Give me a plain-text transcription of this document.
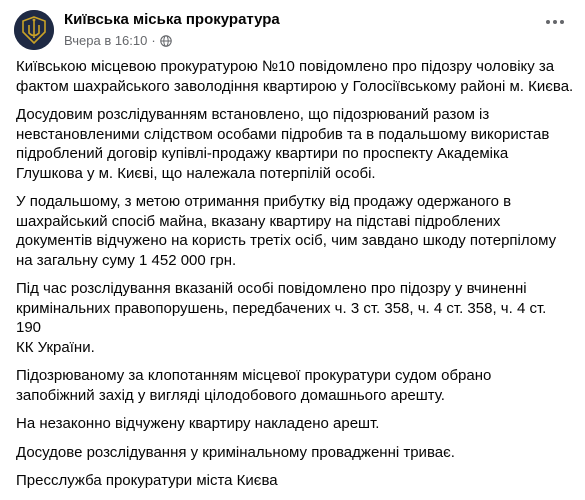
Київська міська прокуратура
Вчера в 16:10 ·

Київською місцевою прокуратурою №10 повідомлено про підозру чоловіку за
фактом шахрайського заволодіння квартирою у Голосіївському районі м. Києва.

Досудовим розслідуванням встановлено, що підозрюваний разом із
невстановленими слідством особами підробив та в подальшому використав
підроблений договір купівлі-продажу квартири по проспекту Академіка
Глушкова у м. Києві, що належала потерпілій особі.

У подальшому, з метою отримання прибутку від продажу одержаного в
шахрайський спосіб майна, вказану квартиру на підставі підроблених
документів відчужено на користь третіх осіб, чим завдано шкоду потерпілому
на загальну суму 1 452 000 грн.

Під час розслідування вказаній особі повідомлено про підозру у вчиненні
кримінальних правопорушень, передбачених ч. 3 ст. 358, ч. 4 ст. 358, ч. 4 ст. 190
КК України.

Підозрюваному за клопотанням місцевої прокуратури судом обрано
запобіжний захід у вигляді цілодобового домашнього арешту.

На незаконно відчужену квартиру накладено арешт.

Досудове розслідування у кримінальному провадженні триває.

Пресслужба прокуратури міста Києва
